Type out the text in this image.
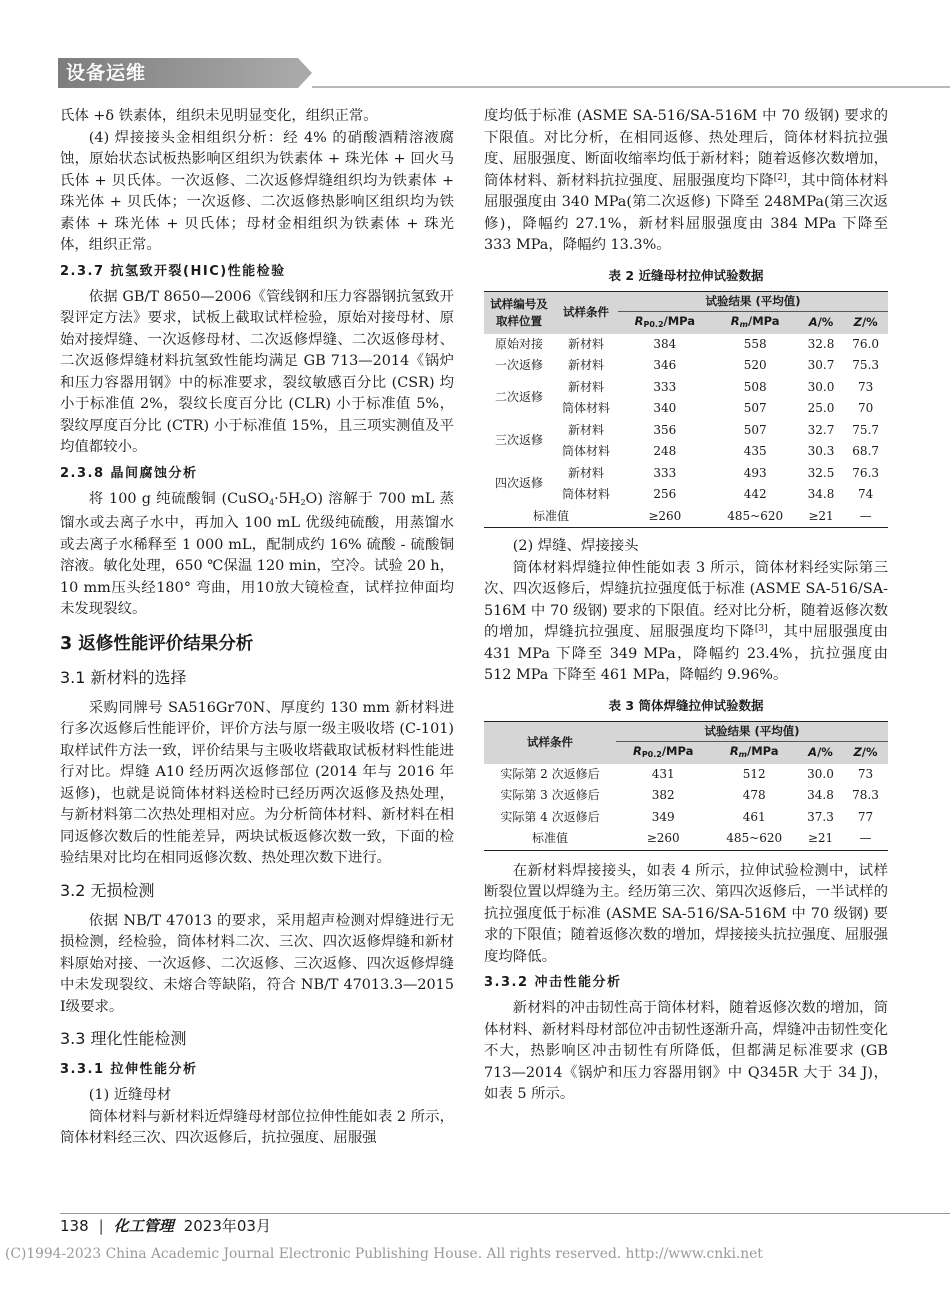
设备运维

氏体 +δ 铁素体，组织未见明显变化，组织正常。

(4) 焊接接头金相组织分析：经 4% 的硝酸酒精溶液腐蚀，原始状态试板热影响区组织为铁素体 + 珠光体 + 回火马氏体 + 贝氏体。一次返修、二次返修焊缝组织均为铁素体 + 珠光体 + 贝氏体；一次返修、二次返修热影响区组织均为铁素体 + 珠光体 + 贝氏体；母材金相组织为铁素体 + 珠光体，组织正常。

2.3.7 抗氢致开裂(HIC)性能检验

依据 GB/T 8650—2006《管线钢和压力容器钢抗氢致开裂评定方法》要求，试板上截取试样检验，原始对接母材、原始对接焊缝、一次返修母材、二次返修焊缝、二次返修母材、二次返修焊缝材料抗氢致性能均满足 GB 713—2014《锅炉和压力容器用钢》中的标准要求，裂纹敏感百分比 (CSR) 均小于标准值 2%，裂纹长度百分比 (CLR) 小于标准值 5%，裂纹厚度百分比 (CTR) 小于标准值 15%，且三项实测值及平均值都较小。

2.3.8 晶间腐蚀分析

将 100 g 纯硫酸铜 $(CuSO_4\cdot 5H_2O)$ 溶解于 700 mL 蒸馏水或去离子水中，再加入 100 mL 优级纯硫酸，用蒸馏水或去离子水稀释至 1 000 mL，配制成约 16% 硫酸 - 硫酸铜溶液。敏化处理，650 ℃保温 120 min，空冷。试验 20 h，10 mm压头经180° 弯曲，用10放大镜检查，试样拉伸面均未发现裂纹。

3 返修性能评价结果分析
3.1 新材料的选择

采购同牌号 SA516Gr70N、厚度约 130 mm 新材料进行多次返修后性能评价，评价方法与原一级主吸收塔 (C-101) 取样试件方法一致，评价结果与主吸收塔截取试板材料性能进行对比。焊缝 A10 经历两次返修部位 (2014 年与 2016 年返修)，也就是说筒体材料送检时已经历两次返修及热处理，与新材料第二次热处理相对应。为分析筒体材料、新材料在相同返修次数后的性能差异，两块试板返修次数一致，下面的检验结果对比均在相同返修次数、热处理次数下进行。

3.2 无损检测

依据 NB/T 47013 的要求，采用超声检测对焊缝进行无损检测，经检验，筒体材料二次、三次、四次返修焊缝和新材料原始对接、一次返修、二次返修、三次返修、四次返修焊缝中未发现裂纹、未熔合等缺陷，符合 NB/T 47013.3—2015 Ⅰ级要求。

3.3 理化性能检测
3.3.1 拉伸性能分析

(1) 近缝母材

筒体材料与新材料近焊缝母材部位拉伸性能如表 2 所示，筒体材料经三次、四次返修后，抗拉强度、屈服强

度均低于标准 (ASME SA-516/SA-516M 中 70 级钢) 要求的下限值。对比分析，在相同返修、热处理后，筒体材料抗拉强度、屈服强度、断面收缩率均低于新材料；随着返修次数增加，筒体材料、新材料抗拉强度、屈服强度均下降[2]，其中筒体材料屈服强度由 340 MPa(第二次返修) 下降至 248MPa(第三次返修)，降幅约 27.1%，新材料屈服强度由 384 MPa 下降至 333 MPa，降幅约 13.3%。

表 2 近缝母材拉伸试验数据
试样编号及取样位置	试样条件	试验结果 (平均值)			
		$R_{P0.2}$/MPa	$R_m$/MPa	A/%	Z/%
原始对接	新材料	384	558	32.8	76.0
一次返修	新材料	346	520	30.7	75.3
二次返修	新材料	333	508	30.0	73
	筒体材料	340	507	25.0	70
三次返修	新材料	356	507	32.7	75.7
	筒体材料	248	435	30.3	68.7
四次返修	新材料	333	493	32.5	76.3
	筒体材料	256	442	34.8	74
标准值		≥260	485~620	≥21	—

(2) 焊缝、焊接接头

筒体材料焊缝拉伸性能如表 3 所示，筒体材料经实际第三次、四次返修后，焊缝抗拉强度低于标准 (ASME SA-516/SA-516M 中 70 级钢) 要求的下限值。经对比分析，随着返修次数的增加，焊缝抗拉强度、屈服强度均下降[3]，其中屈服强度由 431 MPa 下降至 349 MPa，降幅约 23.4%，抗拉强度由 512 MPa 下降至 461 MPa，降幅约 9.96%。

表 3 筒体焊缝拉伸试验数据
试样条件	试验结果 (平均值)			
	$R_{P0.2}$/MPa	$R_m$/MPa	A/%	Z/%
实际第 2 次返修后	431	512	30.0	73
实际第 3 次返修后	382	478	34.8	78.3
实际第 4 次返修后	349	461	37.3	77
标准值	≥260	485~620	≥21	—

在新材料焊接接头，如表 4 所示，拉伸试验检测中，试样断裂位置以焊缝为主。经历第三次、第四次返修后，一半试样的抗拉强度低于标准 (ASME SA-516/SA-516M 中 70 级钢) 要求的下限值；随着返修次数的增加，焊接接头抗拉强度、屈服强度均降低。

3.3.2 冲击性能分析

新材料的冲击韧性高于筒体材料，随着返修次数的增加，筒体材料、新材料母材部位冲击韧性逐渐升高，焊缝冲击韧性变化不大，热影响区冲击韧性有所降低，但都满足标准要求 (GB 713—2014《锅炉和压力容器用钢》中 Q345R 大于 34 J)，如表 5 所示。

138 | 化工管理 2023年03月
(C)1994-2023 China Academic Journal Electronic Publishing House. All rights reserved. http://www.cnki.net
